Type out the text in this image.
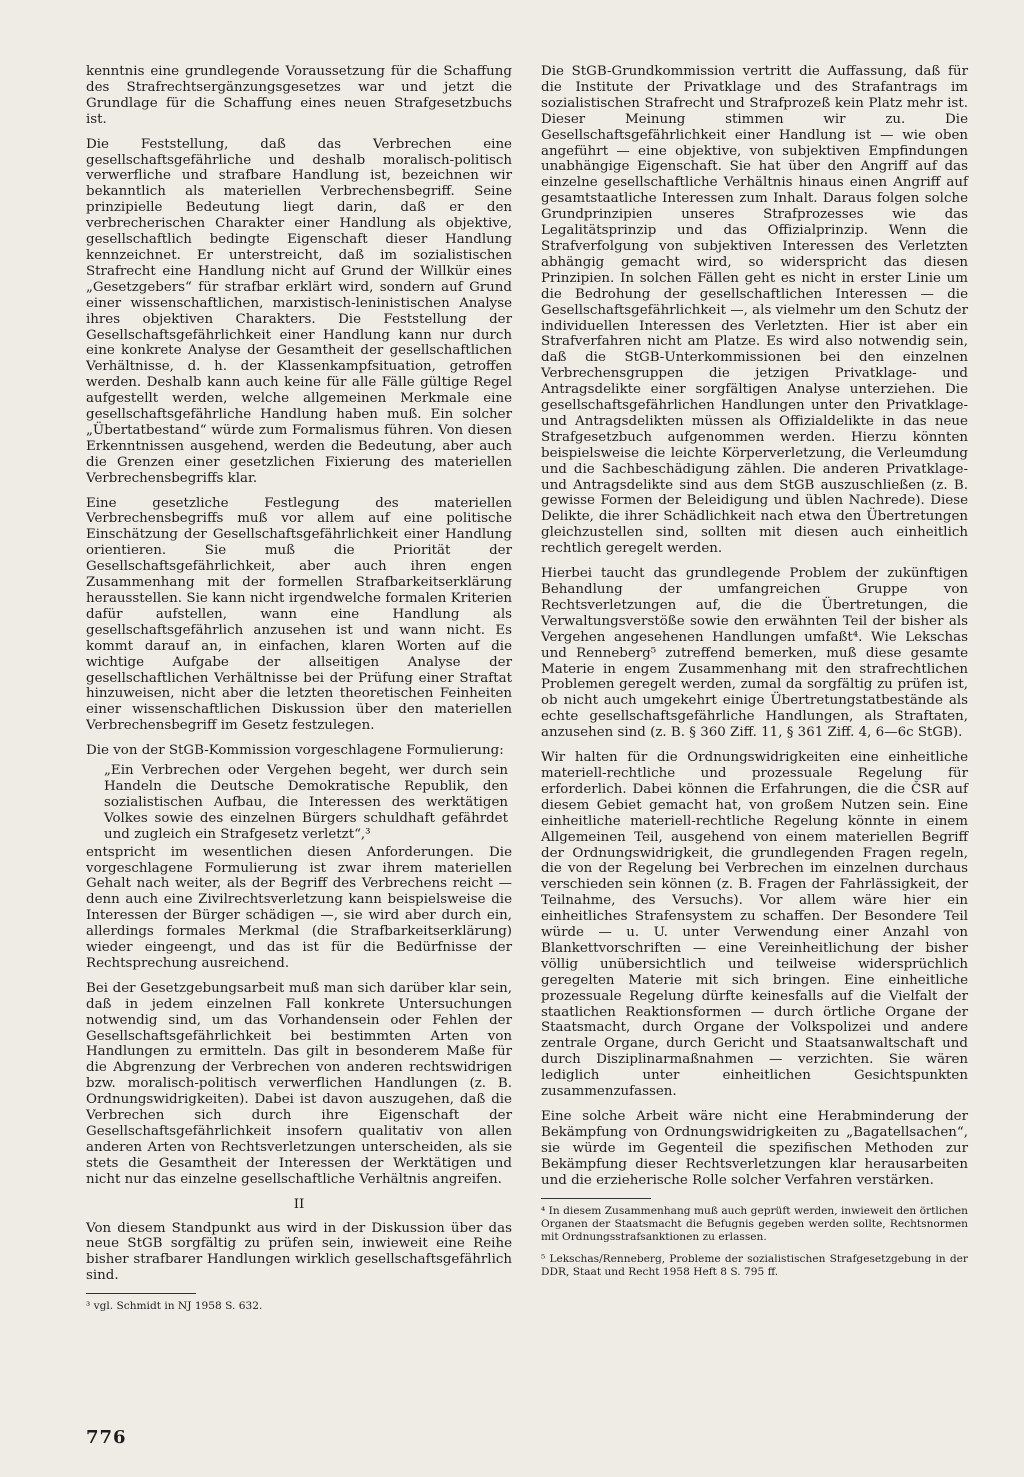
kenntnis eine grundlegende Voraussetzung für die Schaffung des Strafrechtsergänzungsgesetzes war und jetzt die Grundlage für die Schaffung eines neuen Strafgesetzbuchs ist.

Die Feststellung, daß das Verbrechen eine gesellschaftsgefährliche und deshalb moralisch-politisch verwerfliche und strafbare Handlung ist, bezeichnen wir bekanntlich als materiellen Verbrechensbegriff. Seine prinzipielle Bedeutung liegt darin, daß er den verbrecherischen Charakter einer Handlung als objektive, gesellschaftlich bedingte Eigenschaft dieser Handlung kennzeichnet. Er unterstreicht, daß im sozialistischen Strafrecht eine Handlung nicht auf Grund der Willkür eines „Gesetzgebers“ für strafbar erklärt wird, sondern auf Grund einer wissenschaftlichen, marxistisch-leninistischen Analyse ihres objektiven Charakters. Die Feststellung der Gesellschaftsgefährlichkeit einer Handlung kann nur durch eine konkrete Analyse der Gesamtheit der gesellschaftlichen Verhältnisse, d. h. der Klassenkampfsituation, getroffen werden. Deshalb kann auch keine für alle Fälle gültige Regel aufgestellt werden, welche allgemeinen Merkmale eine gesellschaftsgefährliche Handlung haben muß. Ein solcher „Übertatbestand“ würde zum Formalismus führen. Von diesen Erkenntnissen ausgehend, werden die Bedeutung, aber auch die Grenzen einer gesetzlichen Fixierung des materiellen Verbrechensbegriffs klar.

Eine gesetzliche Festlegung des materiellen Verbrechensbegriffs muß vor allem auf eine politische Einschätzung der Gesellschaftsgefährlichkeit einer Handlung orientieren. Sie muß die Priorität der Gesellschaftsgefährlichkeit, aber auch ihren engen Zusammenhang mit der formellen Strafbarkeitserklärung herausstellen. Sie kann nicht irgendwelche formalen Kriterien dafür aufstellen, wann eine Handlung als gesellschaftsgefährlich anzusehen ist und wann nicht. Es kommt darauf an, in einfachen, klaren Worten auf die wichtige Aufgabe der allseitigen Analyse der gesellschaftlichen Verhältnisse bei der Prüfung einer Straftat hinzuweisen, nicht aber die letzten theoretischen Feinheiten einer wissenschaftlichen Diskussion über den materiellen Verbrechensbegriff im Gesetz festzulegen.

Die von der StGB-Kommission vorgeschlagene Formulierung:

„Ein Verbrechen oder Vergehen begeht, wer durch sein Handeln die Deutsche Demokratische Republik, den sozialistischen Aufbau, die Interessen des werktätigen Volkes sowie des einzelnen Bürgers schuldhaft gefährdet und zugleich ein Strafgesetz verletzt“,³

entspricht im wesentlichen diesen Anforderungen. Die vorgeschlagene Formulierung ist zwar ihrem materiellen Gehalt nach weiter, als der Begriff des Verbrechens reicht — denn auch eine Zivilrechtsverletzung kann beispielsweise die Interessen der Bürger schädigen —, sie wird aber durch ein, allerdings formales Merkmal (die Strafbarkeitserklärung) wieder eingeengt, und das ist für die Bedürfnisse der Rechtsprechung ausreichend.

Bei der Gesetzgebungsarbeit muß man sich darüber klar sein, daß in jedem einzelnen Fall konkrete Untersuchungen notwendig sind, um das Vorhandensein oder Fehlen der Gesellschaftsgefährlichkeit bei bestimmten Arten von Handlungen zu ermitteln. Das gilt in besonderem Maße für die Abgrenzung der Verbrechen von anderen rechtswidrigen bzw. moralisch-politisch verwerflichen Handlungen (z. B. Ordnungswidrigkeiten). Dabei ist davon auszugehen, daß die Verbrechen sich durch ihre Eigenschaft der Gesellschaftsgefährlichkeit insofern qualitativ von allen anderen Arten von Rechtsverletzungen unterscheiden, als sie stets die Gesamtheit der Interessen der Werktätigen und nicht nur das einzelne gesellschaftliche Verhältnis angreifen.

II

Von diesem Standpunkt aus wird in der Diskussion über das neue StGB sorgfältig zu prüfen sein, inwieweit eine Reihe bisher strafbarer Handlungen wirklich gesellschaftsgefährlich sind.

³ vgl. Schmidt in NJ 1958 S. 632.

Die StGB-Grundkommission vertritt die Auffassung, daß für die Institute der Privatklage und des Strafantrags im sozialistischen Strafrecht und Strafprozeß kein Platz mehr ist. Dieser Meinung stimmen wir zu. Die Gesellschaftsgefährlichkeit einer Handlung ist — wie oben angeführt — eine objektive, von subjektiven Empfindungen unabhängige Eigenschaft. Sie hat über den Angriff auf das einzelne gesellschaftliche Verhältnis hinaus einen Angriff auf gesamtstaatliche Interessen zum Inhalt. Daraus folgen solche Grundprinzipien unseres Strafprozesses wie das Legalitätsprinzip und das Offizialprinzip. Wenn die Strafverfolgung von subjektiven Interessen des Verletzten abhängig gemacht wird, so widerspricht das diesen Prinzipien. In solchen Fällen geht es nicht in erster Linie um die Bedrohung der gesellschaftlichen Interessen — die Gesellschaftsgefährlichkeit —, als vielmehr um den Schutz der individuellen Interessen des Verletzten. Hier ist aber ein Strafverfahren nicht am Platze. Es wird also notwendig sein, daß die StGB-Unterkommissionen bei den einzelnen Verbrechensgruppen die jetzigen Privatklage- und Antragsdelikte einer sorgfältigen Analyse unterziehen. Die gesellschaftsgefährlichen Handlungen unter den Privatklage- und Antragsdelikten müssen als Offizialdelikte in das neue Strafgesetzbuch aufgenommen werden. Hierzu könnten beispielsweise die leichte Körperverletzung, die Verleumdung und die Sachbeschädigung zählen. Die anderen Privatklage- und Antragsdelikte sind aus dem StGB auszuschließen (z. B. gewisse Formen der Beleidigung und üblen Nachrede). Diese Delikte, die ihrer Schädlichkeit nach etwa den Übertretungen gleichzustellen sind, sollten mit diesen auch einheitlich rechtlich geregelt werden.

Hierbei taucht das grundlegende Problem der zukünftigen Behandlung der umfangreichen Gruppe von Rechtsverletzungen auf, die die Übertretungen, die Verwaltungsverstöße sowie den erwähnten Teil der bisher als Vergehen angesehenen Handlungen umfaßt⁴. Wie Lekschas und Renneberg⁵ zutreffend bemerken, muß diese gesamte Materie in engem Zusammenhang mit den strafrechtlichen Problemen geregelt werden, zumal da sorgfältig zu prüfen ist, ob nicht auch umgekehrt einige Übertretungstatbestände als echte gesellschaftsgefährliche Handlungen, als Straftaten, anzusehen sind (z. B. § 360 Ziff. 11, § 361 Ziff. 4, 6—6c StGB).

Wir halten für die Ordnungswidrigkeiten eine einheitliche materiell-rechtliche und prozessuale Regelung für erforderlich. Dabei können die Erfahrungen, die die ČSR auf diesem Gebiet gemacht hat, von großem Nutzen sein. Eine einheitliche materiell-rechtliche Regelung könnte in einem Allgemeinen Teil, ausgehend von einem materiellen Begriff der Ordnungswidrigkeit, die grundlegenden Fragen regeln, die von der Regelung bei Verbrechen im einzelnen durchaus verschieden sein können (z. B. Fragen der Fahrlässigkeit, der Teilnahme, des Versuchs). Vor allem wäre hier ein einheitliches Strafensystem zu schaffen. Der Besondere Teil würde — u. U. unter Verwendung einer Anzahl von Blankettvorschriften — eine Vereinheitlichung der bisher völlig unübersichtlich und teilweise widersprüchlich geregelten Materie mit sich bringen. Eine einheitliche prozessuale Regelung dürfte keinesfalls auf die Vielfalt der staatlichen Reaktionsformen — durch örtliche Organe der Staatsmacht, durch Organe der Volkspolizei und andere zentrale Organe, durch Gericht und Staatsanwaltschaft und durch Disziplinarmaßnahmen — verzichten. Sie wären lediglich unter einheitlichen Gesichtspunkten zusammenzufassen.

Eine solche Arbeit wäre nicht eine Herabminderung der Bekämpfung von Ordnungswidrigkeiten zu „Bagatellsachen“, sie würde im Gegenteil die spezifischen Methoden zur Bekämpfung dieser Rechtsverletzungen klar herausarbeiten und die erzieherische Rolle solcher Verfahren verstärken.

⁴ In diesem Zusammenhang muß auch geprüft werden, inwieweit den örtlichen Organen der Staatsmacht die Befugnis gegeben werden sollte, Rechtsnormen mit Ordnungsstrafsanktionen zu erlassen.

⁵ Lekschas/Renneberg, Probleme der sozialistischen Strafgesetzgebung in der DDR, Staat und Recht 1958 Heft 8 S. 795 ff.

776
